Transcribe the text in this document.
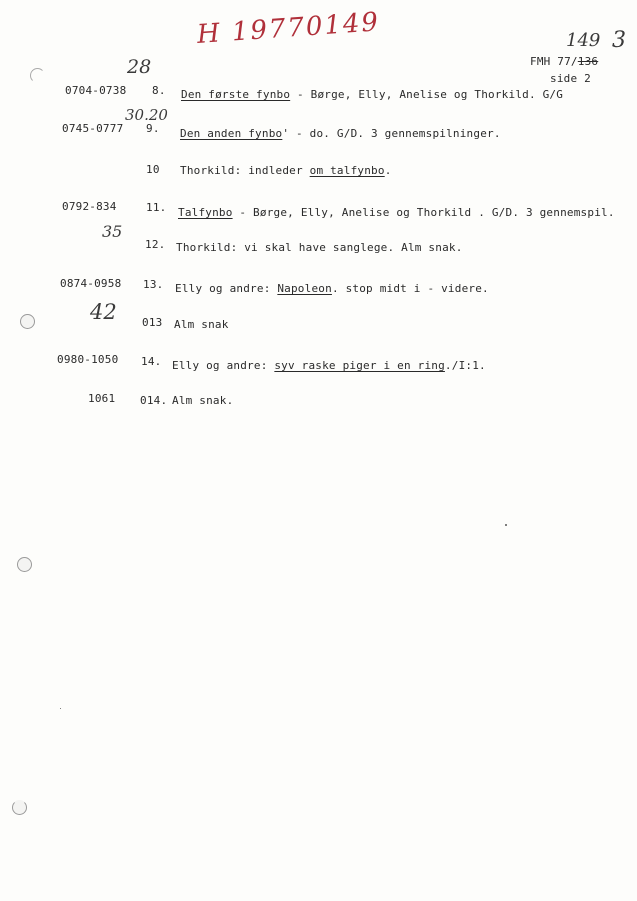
H 19770149
FMH 77/136
149 3
side 2
28
0704-0738 8. Den første fynbo - Børge, Elly, Anelise og Thorkild. G/G
30.20
0745-0777 9. Den anden fynbo' - do. G/D. 3 gennemspilninger.
10 Thorkild: indleder om talfynbo.
0792-834	11. Talfynbo - Børge, Elly, Anelise og Thorkild . G/D. 3 gennemspil.
35
12. Thorkild: vi skal have sanglege. Alm snak.
0874-0958 13. Elly og andre: Napoleon. stop midt i - videre.
42 013 Alm snak
0980-1050 14. Elly og andre: syv raske piger i en ring./I:1.
1061 014. Alm snak.
